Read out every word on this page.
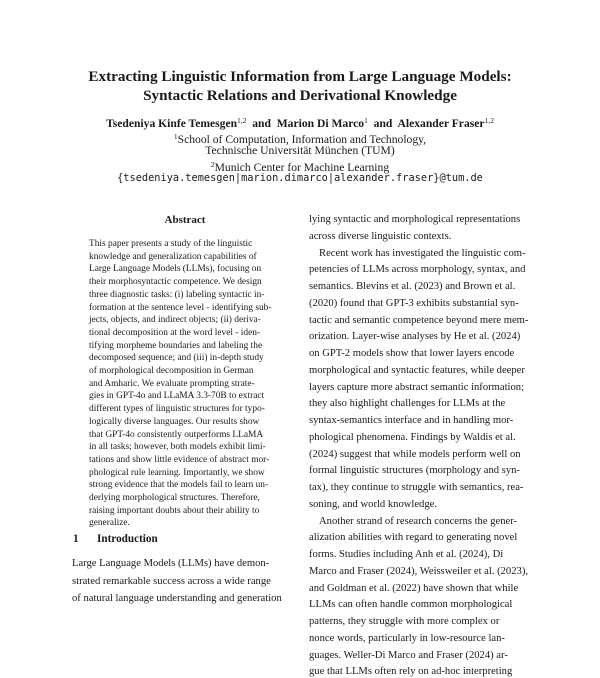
Extracting Linguistic Information from Large Language Models:
Syntactic Relations and Derivational Knowledge
Tsedeniya Kinfe Temesgen$^{1,2}$ and Marion Di Marco$^1$ and Alexander Fraser$^{1,2}$
$^1$School of Computation, Information and Technology,
Technische Universität München (TUM)
$^2$Munich Center for Machine Learning
{tsedeniya.temesgen|marion.dimarco|alexander.fraser}@tum.de
Abstract
This paper presents a study of the linguistic
knowledge and generalization capabilities of
Large Language Models (LLMs), focusing on
their morphosyntactic competence. We design
three diagnostic tasks: (i) labeling syntactic in-
formation at the sentence level - identifying sub-
jects, objects, and indirect objects; (ii) deriva-
tional decomposition at the word level - iden-
tifying morpheme boundaries and labeling the
decomposed sequence; and (iii) in-depth study
of morphological decomposition in German
and Amharic. We evaluate prompting strate-
gies in GPT-4o and LLaMA 3.3-70B to extract
different types of linguistic structures for typo-
logically diverse languages. Our results show
that GPT-4o consistently outperforms LLaMA
in all tasks; however, both models exhibit limi-
tations and show little evidence of abstract mor-
phological rule learning. Importantly, we show
strong evidence that the models fail to learn un-
derlying morphological structures. Therefore,
raising important doubts about their ability to
generalize.
1 Introduction
Large Language Models (LLMs) have demon-
strated remarkable success across a wide range
of natural language understanding and generation
lying syntactic and morphological representations
across diverse linguistic contexts.
Recent work has investigated the linguistic com-
petencies of LLMs across morphology, syntax, and
semantics. Blevins et al. (2023) and Brown et al.
(2020) found that GPT-3 exhibits substantial syn-
tactic and semantic competence beyond mere mem-
orization. Layer-wise analyses by He et al. (2024)
on GPT-2 models show that lower layers encode
morphological and syntactic features, while deeper
layers capture more abstract semantic information;
they also highlight challenges for LLMs at the
syntax-semantics interface and in handling mor-
phological phenomena. Findings by Waldis et al.
(2024) suggest that while models perform well on
formal linguistic structures (morphology and syn-
tax), they continue to struggle with semantics, rea-
soning, and world knowledge.
Another strand of research concerns the gener-
alization abilities with regard to generating novel
forms. Studies including Anh et al. (2024), Di
Marco and Fraser (2024), Weissweiler et al. (2023),
and Goldman et al. (2022) have shown that while
LLMs can often handle common morphological
patterns, they struggle with more complex or
nonce words, particularly in low-resource lan-
guages. Weller-Di Marco and Fraser (2024) ar-
gue that LLMs often rely on ad-hoc interpreting
